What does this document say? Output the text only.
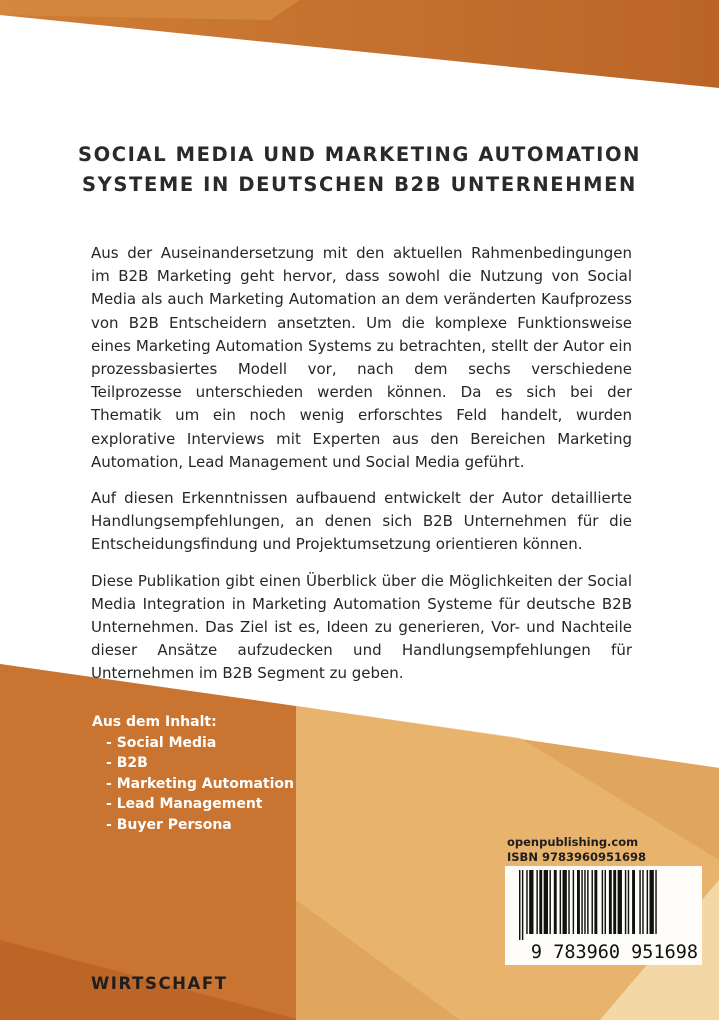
SOCIAL MEDIA UND MARKETING AUTOMATION
SYSTEME IN DEUTSCHEN B2B UNTERNEHMEN

Aus der Auseinandersetzung mit den aktuellen Rahmenbedingungen im B2B Marketing geht hervor, dass sowohl die Nutzung von Social Media als auch Marketing Automation an dem veränderten Kaufprozess von B2B Entscheidern ansetzten. Um die komplexe Funktionsweise eines Marketing Automation Systems zu betrachten, stellt der Autor ein prozessbasiertes Modell vor, nach dem sechs verschiedene Teilprozesse unterschieden werden können. Da es sich bei der Thematik um ein noch wenig erforschtes Feld handelt, wurden explorative Interviews mit Experten aus den Bereichen Marketing Automation, Lead Management und Social Media geführt.

Auf diesen Erkenntnissen aufbauend entwickelt der Autor detaillierte Handlungsempfehlungen, an denen sich B2B Unternehmen für die Entscheidungsfindung und Projektumsetzung orientieren können.

Diese Publikation gibt einen Überblick über die Möglichkeiten der Social Media Integration in Marketing Automation Systeme für deutsche B2B Unternehmen. Das Ziel ist es, Ideen zu generieren, Vor- und Nachteile dieser Ansätze aufzudecken und Handlungsempfehlungen für Unternehmen im B2B Segment zu geben.

Aus dem Inhalt:
- Social Media
- B2B
- Marketing Automation
- Lead Management
- Buyer Persona
openpublishing.com
ISBN 9783960951698
9 783960 951698
WIRTSCHAFT
